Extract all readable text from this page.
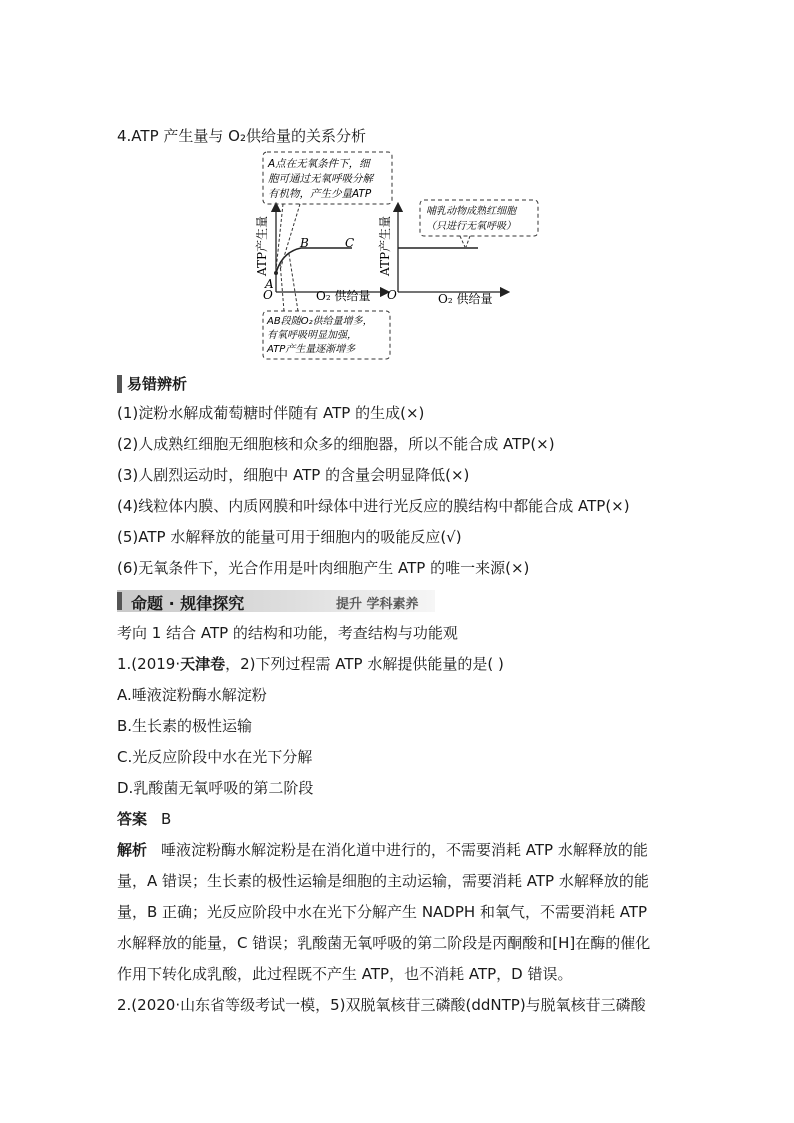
4.ATP 产生量与 O₂供给量的关系分析
ATP产生量
O	O₂ 供给量
A
B	C
A点在无氧条件下，细
胞可通过无氧呼吸分解
有机物，产生少量ATP
AB段随O₂供给量增多，
有氧呼吸明显加强，
ATP产生量逐渐增多
ATP产生量
O	O₂ 供给量
哺乳动物成熟红细胞
（只进行无氧呼吸）
易错辨析
(1)淀粉水解成葡萄糖时伴随有 ATP 的生成(×)
(2)人成熟红细胞无细胞核和众多的细胞器，所以不能合成 ATP(×)
(3)人剧烈运动时，细胞中 ATP 的含量会明显降低(×)
(4)线粒体内膜、内质网膜和叶绿体中进行光反应的膜结构中都能合成 ATP(×)
(5)ATP 水解释放的能量可用于细胞内的吸能反应(√)
(6)无氧条件下，光合作用是叶肉细胞产生 ATP 的唯一来源(×)
命题 · 规律探究	提升 学科素养
考向 1 结合 ATP 的结构和功能，考查结构与功能观
1.(2019·天津卷，2)下列过程需 ATP 水解提供能量的是( )
A.唾液淀粉酶水解淀粉
B.生长素的极性运输
C.光反应阶段中水在光下分解
D.乳酸菌无氧呼吸的第二阶段
答案 B
解析 唾液淀粉酶水解淀粉是在消化道中进行的，不需要消耗 ATP 水解释放的能
量，A 错误；生长素的极性运输是细胞的主动运输，需要消耗 ATP 水解释放的能
量，B 正确；光反应阶段中水在光下分解产生 NADPH 和氧气，不需要消耗 ATP
水解释放的能量，C 错误；乳酸菌无氧呼吸的第二阶段是丙酮酸和[H]在酶的催化
作用下转化成乳酸，此过程既不产生 ATP，也不消耗 ATP，D 错误。
2.(2020·山东省等级考试一模，5)双脱氧核苷三磷酸(ddNTP)与脱氧核苷三磷酸
